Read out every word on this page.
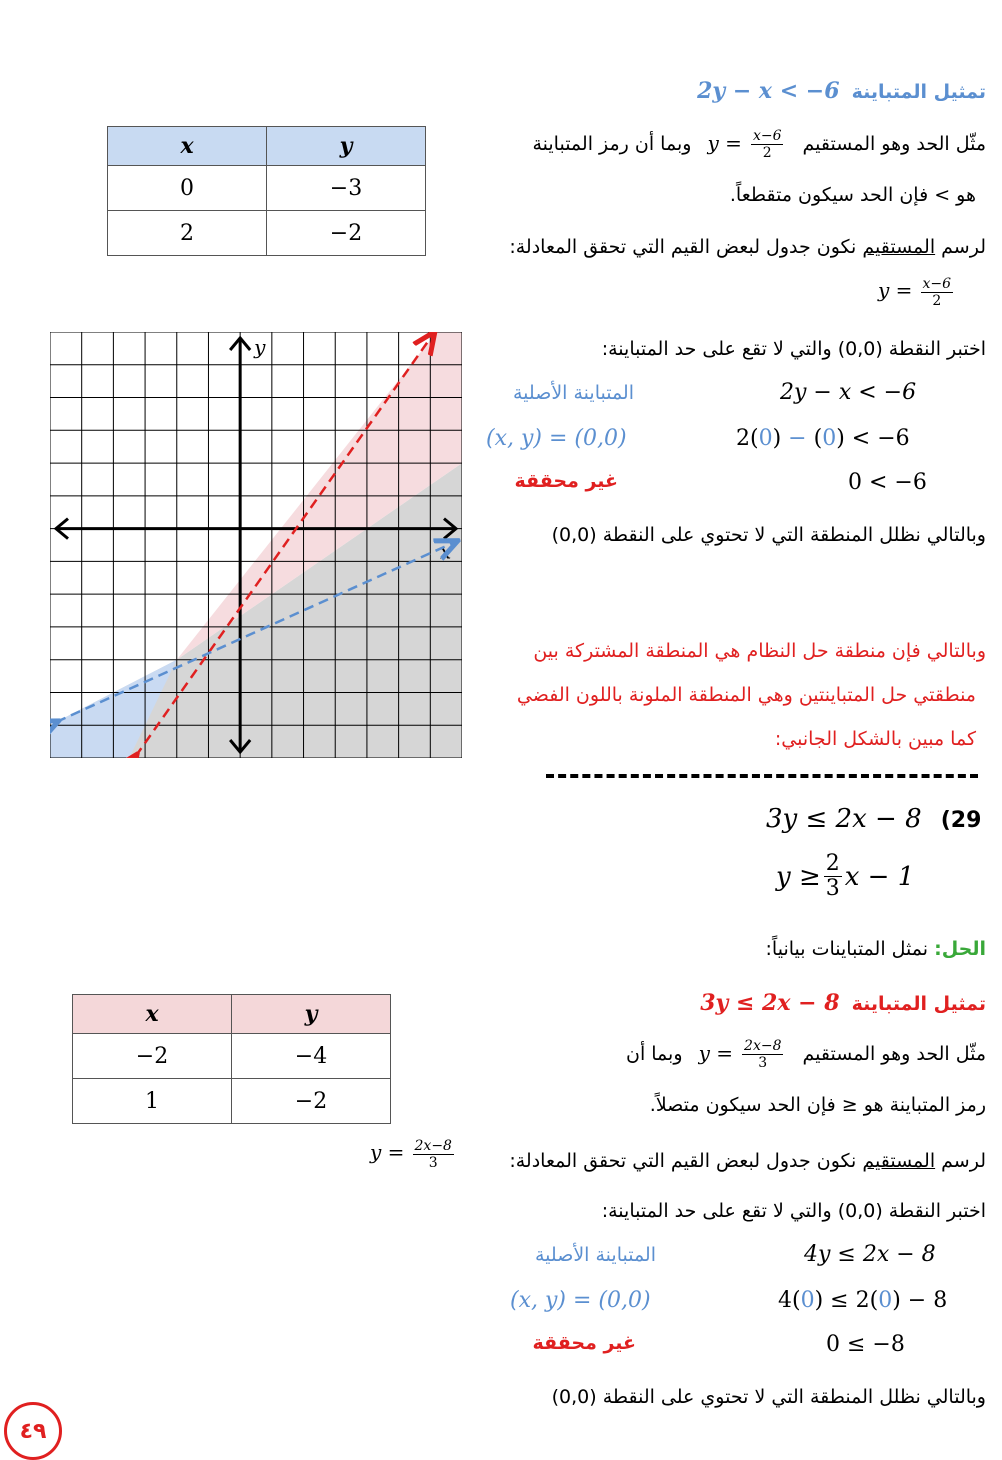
تمثيل المتباينة 2y − x < −6
مثّل الحد وهو المستقيم $y = \frac{x-6}{2}$
وبما أن رمز المتباينة
هو > فإن الحد سيكون متقطعاً.
لرسم المستقيم نكون جدول لبعض القيم التي تحقق المعادلة:
$y = \frac{x-6}{2}$
اختبر النقطة (0,0) والتي لا تقع على حد المتباينة:
المتباينة الأصلية	2y − x < −6
(x, y) = (0,0)	2(0) − (0) < −6
غير محققة	0 < −6
وبالتالي نظلل المنطقة التي لا تحتوي على النقطة (0,0)
وبالتالي فإن منطقة حل النظام هي المنطقة المشتركة بين
منطقتي حل المتباينتين وهي المنطقة الملونة باللون الفضي
كما مبين بالشكل الجانبي:
x	y
0	−3
2	−2
x
y
3y ≤ 2x − 8 (29
$y \ge \frac{2}{3}$ x − 1
الحل: نمثل المتباينات بيانياً:
تمثيل المتباينة 3y ≤ 2x − 8
مثّل الحد وهو المستقيم $y = \frac{2x-8}{3}$
وبما أن
رمز المتباينة هو ≤ فإن الحد سيكون متصلاً.
لرسم المستقيم نكون جدول لبعض القيم التي تحقق المعادلة:
$y = \frac{2x-8}{3}$
اختبر النقطة (0,0) والتي لا تقع على حد المتباينة:
المتباينة الأصلية	4y ≤ 2x − 8
(x, y) = (0,0)	4(0) ≤ 2(0) − 8
غير محققة	0 ≤ −8
وبالتالي نظلل المنطقة التي لا تحتوي على النقطة (0,0)
x	y
−2	−4
1	−2
٤٩
